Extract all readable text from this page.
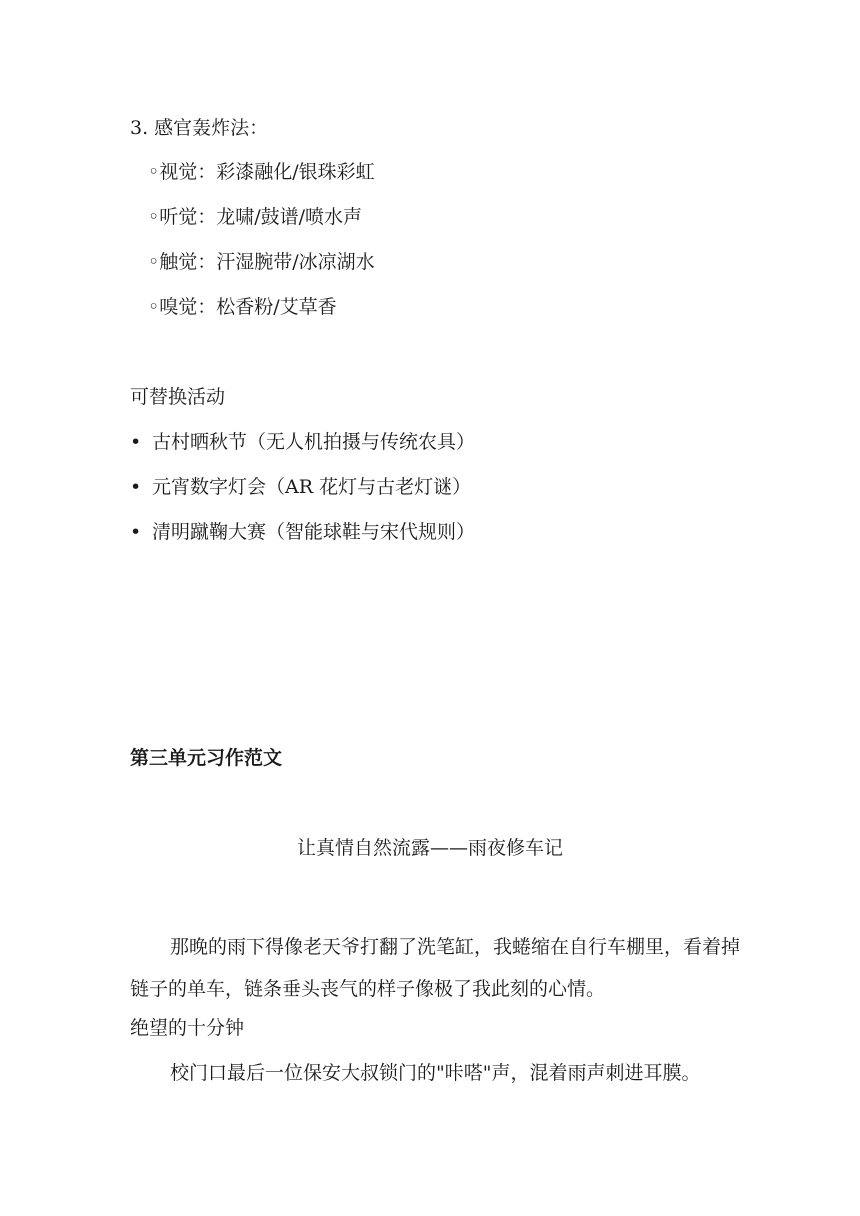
3. 感官轰炸法：

◦视觉：彩漆融化/银珠彩虹

◦听觉：龙啸/鼓谱/喷水声

◦触觉：汗湿腕带/冰凉湖水

◦嗅觉：松香粉/艾草香

可替换活动

• 古村晒秋节（无人机拍摄与传统农具）

• 元宵数字灯会（AR 花灯与古老灯谜）

• 清明蹴鞠大赛（智能球鞋与宋代规则）

第三单元习作范文

让真情自然流露——雨夜修车记

那晚的雨下得像老天爷打翻了洗笔缸，我蜷缩在自行车棚里，看着掉链子的单车，链条垂头丧气的样子像极了我此刻的心情。

绝望的十分钟

校门口最后一位保安大叔锁门的"咔嗒"声，混着雨声刺进耳膜。
